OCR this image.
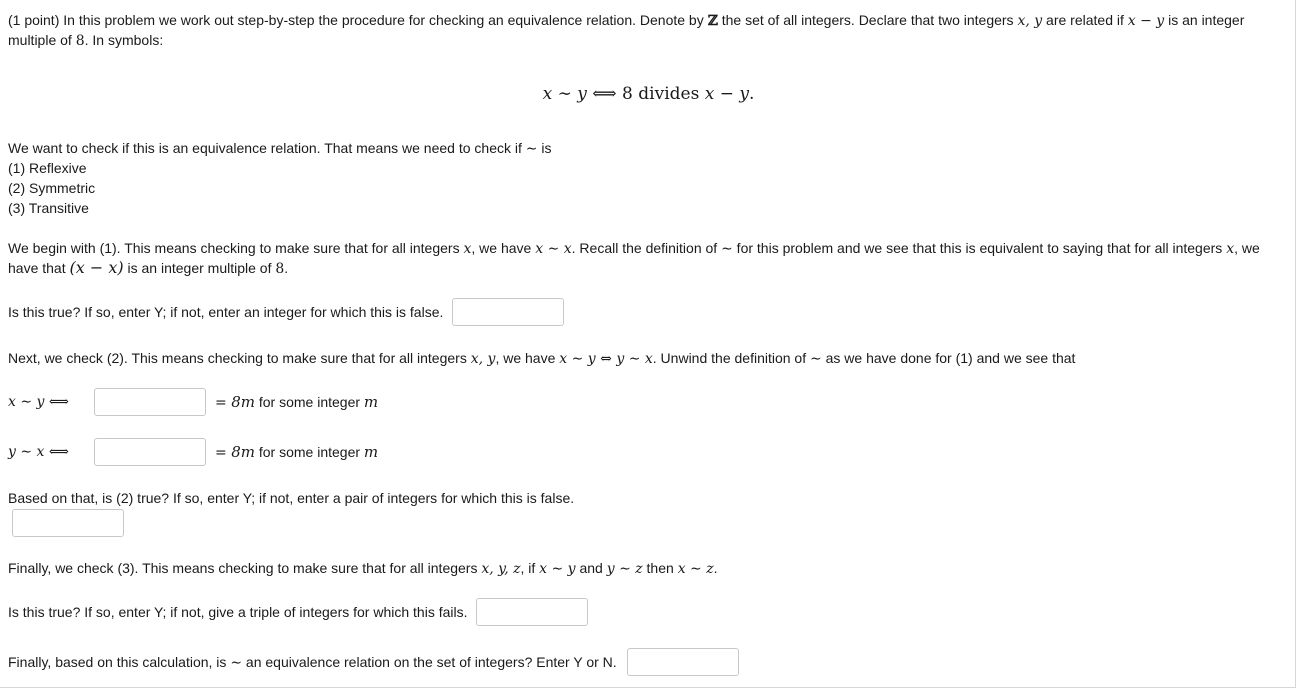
(1 point) In this problem we work out step-by-step the procedure for checking an equivalence relation. Denote by ℤ the set of all integers. Declare that two integers x, y are related if x − y is an integer
multiple of 8. In symbols:
x ∼ y ⟺ 8 divides x − y.
We want to check if this is an equivalence relation. That means we need to check if ∼ is
(1) Reflexive
(2) Symmetric
(3) Transitive
We begin with (1). This means checking to make sure that for all integers x, we have x ∼ x. Recall the definition of ∼ for this problem and we see that this is equivalent to saying that for all integers x, we
have that (x − x) is an integer multiple of 8.
Is this true? If so, enter Y; if not, enter an integer for which this is false.
Next, we check (2). This means checking to make sure that for all integers x, y, we have x ∼ y ⇔ y ∼ x. Unwind the definition of ∼ as we have done for (1) and we see that
x ∼ y ⟺	= 8m for some integer m
y ∼ x ⟺	= 8m for some integer m
Based on that, is (2) true? If so, enter Y; if not, enter a pair of integers for which this is false.
Finally, we check (3). This means checking to make sure that for all integers x, y, z, if x ∼ y and y ∼ z then x ∼ z.
Is this true? If so, enter Y; if not, give a triple of integers for which this fails.
Finally, based on this calculation, is ∼ an equivalence relation on the set of integers? Enter Y or N.
